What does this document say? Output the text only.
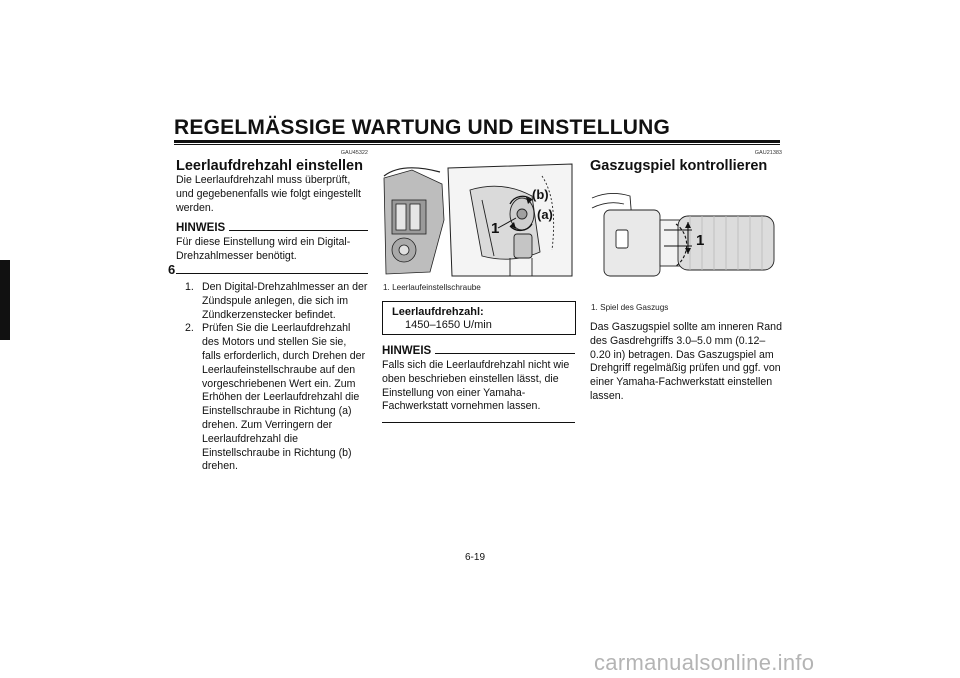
REGELMÄSSIGE WARTUNG UND EINSTELLUNG
6
GAU45322
Leerlaufdrehzahl einstellen
Die Leerlaufdrehzahl muss überprüft, und gegebenenfalls wie folgt eingestellt werden.
HINWEIS
Für diese Einstellung wird ein Digital-Drehzahlmesser benötigt.
1. Den Digital-Drehzahlmesser an der Zündspule anlegen, die sich im Zündkerzenstecker befindet.
2. Prüfen Sie die Leerlaufdrehzahl des Motors und stellen Sie sie, falls erforderlich, durch Drehen der Leerlaufeinstellschraube auf den vorgeschriebenen Wert ein. Zum Erhöhen der Leerlaufdrehzahl die Einstellschraube in Richtung (a) drehen. Zum Verringern der Leerlaufdrehzahl die Einstellschraube in Richtung (b) drehen.
1
(b)
(a)
1. Leerlaufeinstellschraube
Leerlaufdrehzahl:
1450–1650 U/min
HINWEIS
Falls sich die Leerlaufdrehzahl nicht wie oben beschrieben einstellen lässt, die Einstellung von einer Yamaha-Fachwerkstatt vornehmen lassen.
GAU21383
Gaszugspiel kontrollieren
1
1. Spiel des Gaszugs
Das Gaszugspiel sollte am inneren Rand des Gasdrehgriffs 3.0–5.0 mm (0.12–0.20 in) betragen. Das Gaszugspiel am Drehgriff regelmäßig prüfen und ggf. von einer Yamaha-Fachwerkstatt einstellen lassen.
6-19
carmanualsonline.info
